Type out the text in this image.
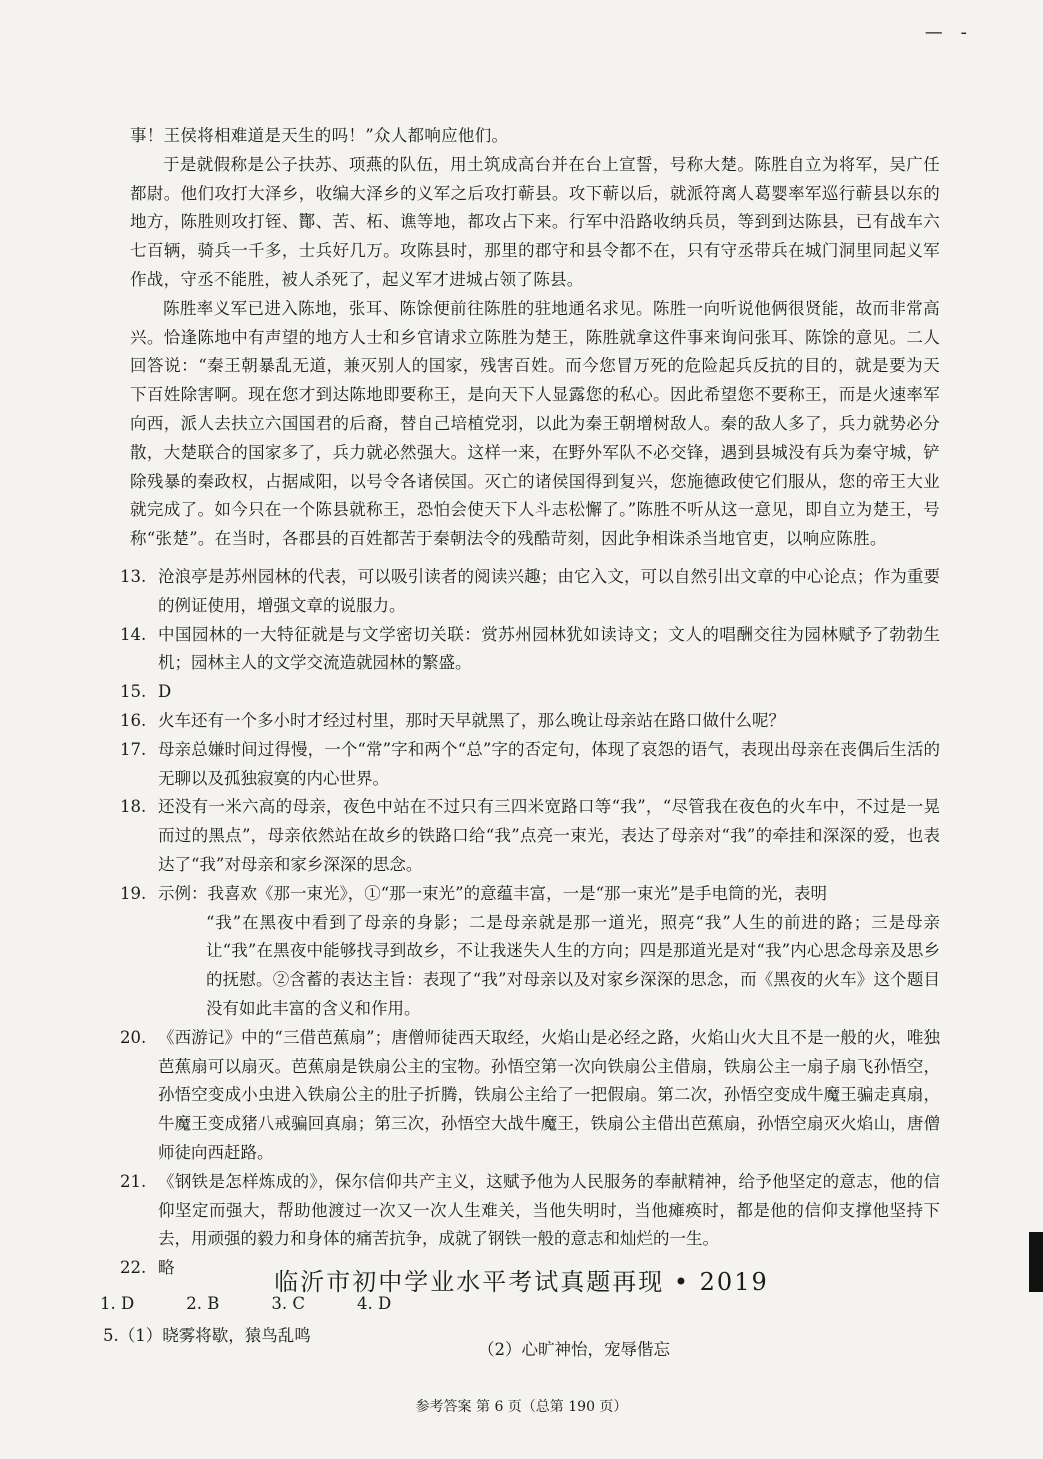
— -

事！王侯将相难道是天生的吗！”众人都响应他们。

于是就假称是公子扶苏、项燕的队伍，用土筑成高台并在台上宣誓，号称大楚。陈胜自立为将军，吴广任都尉。他们攻打大泽乡，收编大泽乡的义军之后攻打蕲县。攻下蕲以后，就派符离人葛婴率军巡行蕲县以东的地方，陈胜则攻打铚、酇、苦、柘、谯等地，都攻占下来。行军中沿路收纳兵员，等到到达陈县，已有战车六七百辆，骑兵一千多，士兵好几万。攻陈县时，那里的郡守和县令都不在，只有守丞带兵在城门洞里同起义军作战，守丞不能胜，被人杀死了，起义军才进城占领了陈县。

陈胜率义军已进入陈地，张耳、陈馀便前往陈胜的驻地通名求见。陈胜一向听说他俩很贤能，故而非常高兴。恰逢陈地中有声望的地方人士和乡官请求立陈胜为楚王，陈胜就拿这件事来询问张耳、陈馀的意见。二人回答说：“秦王朝暴乱无道，兼灭别人的国家，残害百姓。而今您冒万死的危险起兵反抗的目的，就是要为天下百姓除害啊。现在您才到达陈地即要称王，是向天下人显露您的私心。因此希望您不要称王，而是火速率军向西，派人去扶立六国国君的后裔，替自己培植党羽，以此为秦王朝增树敌人。秦的敌人多了，兵力就势必分散，大楚联合的国家多了，兵力就必然强大。这样一来，在野外军队不必交锋，遇到县城没有兵为秦守城，铲除残暴的秦政权，占据咸阳，以号令各诸侯国。灭亡的诸侯国得到复兴，您施德政使它们服从，您的帝王大业就完成了。如今只在一个陈县就称王，恐怕会使天下人斗志松懈了。”陈胜不听从这一意见，即自立为楚王，号称“张楚”。在当时，各郡县的百姓都苦于秦朝法令的残酷苛刻，因此争相诛杀当地官吏，以响应陈胜。

13. 沧浪亭是苏州园林的代表，可以吸引读者的阅读兴趣；由它入文，可以自然引出文章的中心论点；作为重要的例证使用，增强文章的说服力。
14. 中国园林的一大特征就是与文学密切关联：赏苏州园林犹如读诗文；文人的唱酬交往为园林赋予了勃勃生机；园林主人的文学交流造就园林的繁盛。
15. D
16. 火车还有一个多小时才经过村里，那时天早就黑了，那么晚让母亲站在路口做什么呢？
17. 母亲总嫌时间过得慢，一个“常”字和两个“总”字的否定句，体现了哀怨的语气，表现出母亲在丧偶后生活的无聊以及孤独寂寞的内心世界。
18. 还没有一米六高的母亲，夜色中站在不过只有三四米宽路口等“我”，“尽管我在夜色的火车中，不过是一晃而过的黑点”，母亲依然站在故乡的铁路口给“我”点亮一束光，表达了母亲对“我”的牵挂和深深的爱，也表达了“我”对母亲和家乡深深的思念。
19. 示例：我喜欢《那一束光》，①“那一束光”的意蕴丰富，一是“那一束光”是手电筒的光，表明
“我”在黑夜中看到了母亲的身影；二是母亲就是那一道光，照亮“我”人生的前进的路；三是母亲让“我”在黑夜中能够找寻到故乡，不让我迷失人生的方向；四是那道光是对“我”内心思念母亲及思乡的抚慰。②含蓄的表达主旨：表现了“我”对母亲以及对家乡深深的思念，而《黑夜的火车》这个题目没有如此丰富的含义和作用。
20. 《西游记》中的“三借芭蕉扇”；唐僧师徒西天取经，火焰山是必经之路，火焰山火大且不是一般的火，唯独芭蕉扇可以扇灭。芭蕉扇是铁扇公主的宝物。孙悟空第一次向铁扇公主借扇，铁扇公主一扇子扇飞孙悟空，孙悟空变成小虫进入铁扇公主的肚子折腾，铁扇公主给了一把假扇。第二次，孙悟空变成牛魔王骗走真扇，牛魔王变成猪八戒骗回真扇；第三次，孙悟空大战牛魔王，铁扇公主借出芭蕉扇，孙悟空扇灭火焰山，唐僧师徒向西赶路。
21. 《钢铁是怎样炼成的》，保尔信仰共产主义，这赋予他为人民服务的奉献精神，给予他坚定的意志，他的信仰坚定而强大，帮助他渡过一次又一次人生难关，当他失明时，当他瘫痪时，都是他的信仰支撑他坚持下去，用顽强的毅力和身体的痛苦抗争，成就了钢铁一般的意志和灿烂的一生。
22. 略
临沂市初中学业水平考试真题再现 • 2019
1. D	2. B	3. C	4. D
5.（1）晓雾将歇，猿鸟乱鸣
（2）心旷神怡，宠辱偕忘
参考答案 第 6 页（总第 190 页）
